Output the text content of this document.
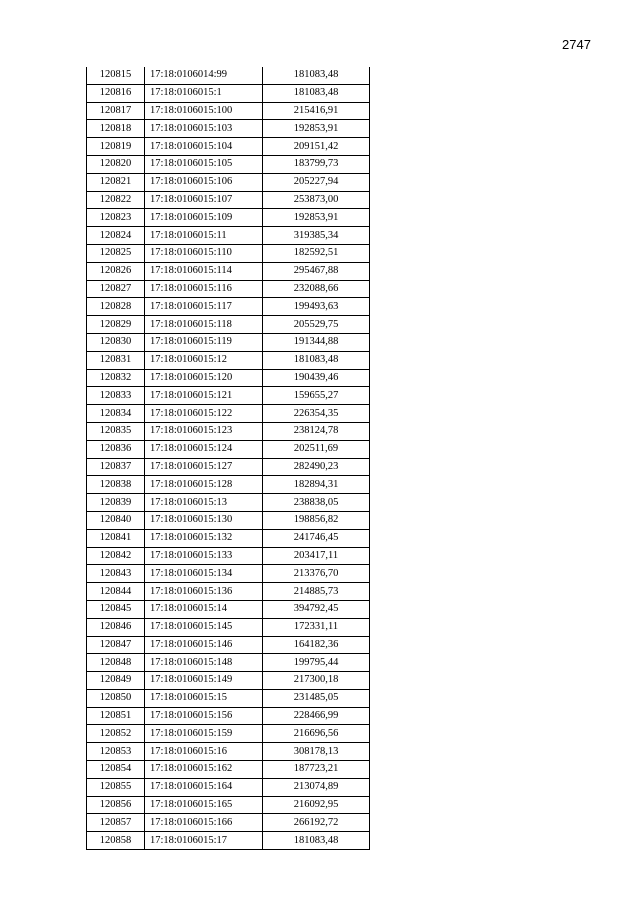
2747
120815	17:18:0106014:99	181083,48
120816	17:18:0106015:1	181083,48
120817	17:18:0106015:100	215416,91
120818	17:18:0106015:103	192853,91
120819	17:18:0106015:104	209151,42
120820	17:18:0106015:105	183799,73
120821	17:18:0106015:106	205227,94
120822	17:18:0106015:107	253873,00
120823	17:18:0106015:109	192853,91
120824	17:18:0106015:11	319385,34
120825	17:18:0106015:110	182592,51
120826	17:18:0106015:114	295467,88
120827	17:18:0106015:116	232088,66
120828	17:18:0106015:117	199493,63
120829	17:18:0106015:118	205529,75
120830	17:18:0106015:119	191344,88
120831	17:18:0106015:12	181083,48
120832	17:18:0106015:120	190439,46
120833	17:18:0106015:121	159655,27
120834	17:18:0106015:122	226354,35
120835	17:18:0106015:123	238124,78
120836	17:18:0106015:124	202511,69
120837	17:18:0106015:127	282490,23
120838	17:18:0106015:128	182894,31
120839	17:18:0106015:13	238838,05
120840	17:18:0106015:130	198856,82
120841	17:18:0106015:132	241746,45
120842	17:18:0106015:133	203417,11
120843	17:18:0106015:134	213376,70
120844	17:18:0106015:136	214885,73
120845	17:18:0106015:14	394792,45
120846	17:18:0106015:145	172331,11
120847	17:18:0106015:146	164182,36
120848	17:18:0106015:148	199795,44
120849	17:18:0106015:149	217300,18
120850	17:18:0106015:15	231485,05
120851	17:18:0106015:156	228466,99
120852	17:18:0106015:159	216696,56
120853	17:18:0106015:16	308178,13
120854	17:18:0106015:162	187723,21
120855	17:18:0106015:164	213074,89
120856	17:18:0106015:165	216092,95
120857	17:18:0106015:166	266192,72
120858	17:18:0106015:17	181083,48
